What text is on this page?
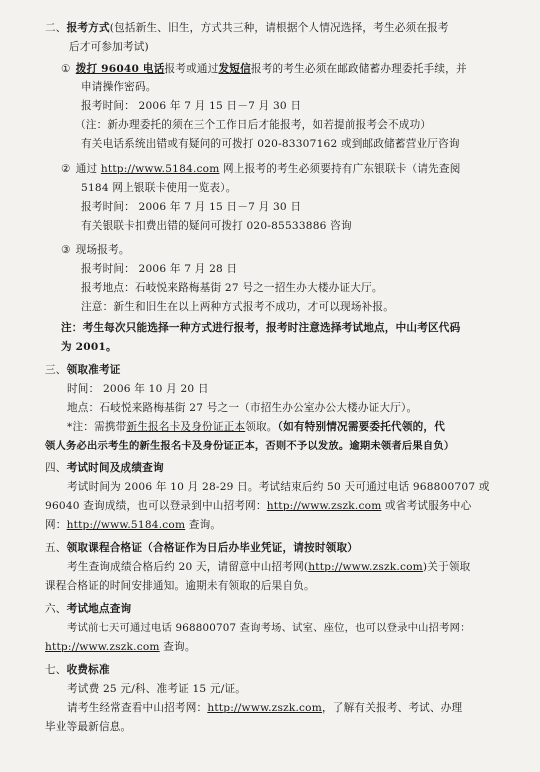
二、报考方式(包括新生、旧生，方式共三种，请根据个人情况选择，考生必须在报考
后才可参加考试)
① 拨打 96040 电话报考或通过发短信报考的考生必须在邮政储蓄办理委托手续，并
申请操作密码。
报考时间： 2006 年 7 月 15 日－7 月 30 日
（注：新办理委托的须在三个工作日后才能报考，如若提前报考会不成功）
有关电话系统出错或有疑问的可拨打 020-83307162 或到邮政储蓄营业厅咨询
② 通过 http://www.5184.com 网上报考的考生必须要持有广东银联卡（请先查阅
5184 网上银联卡使用一览表）。
报考时间： 2006 年 7 月 15 日－7 月 30 日
有关银联卡扣费出错的疑问可拨打 020-85533886 咨询
③ 现场报考。
报考时间： 2006 年 7 月 28 日
报考地点：石岐悦来路梅基街 27 号之一招生办大楼办证大厅。
注意：新生和旧生在以上两种方式报考不成功，才可以现场补报。
注：考生每次只能选择一种方式进行报考，报考时注意选择考试地点，中山考区代码
为 2001。
三、领取准考证
时间： 2006 年 10 月 20 日
地点：石岐悦来路梅基街 27 号之一（市招生办公室办公大楼办证大厅）。
*注：需携带新生报名卡及身份证正本领取。（如有特别情况需要委托代领的，代
领人务必出示考生的新生报名卡及身份证正本，否则不予以发放。逾期未领者后果自负）
四、考试时间及成绩查询
考试时间为 2006 年 10 月 28-29 日。考试结束后约 50 天可通过电话 968800707 或
96040 查询成绩，也可以登录到中山招考网：http://www.zszk.com 或省考试服务中心
网：http://www.5184.com 查询。
五、领取课程合格证（合格证作为日后办毕业凭证，请按时领取）
考生查询成绩合格后约 20 天，请留意中山招考网(http://www.zszk.com)关于领取
课程合格证的时间安排通知。逾期未有领取的后果自负。
六、考试地点查询
考试前七天可通过电话 968800707 查询考场、试室、座位，也可以登录中山招考网：
http://www.zszk.com 查询。
七、收费标准
考试费 25 元/科、准考证 15 元/证。
请考生经常查看中山招考网：http://www.zszk.com，了解有关报考、考试、办理
毕业等最新信息。
